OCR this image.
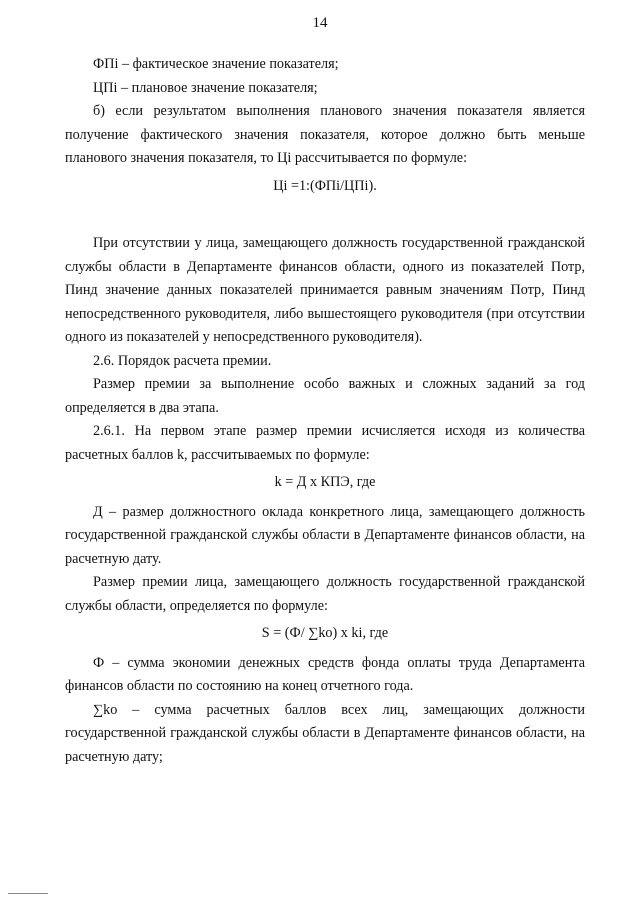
14

ФПi – фактическое значение показателя;

ЦПi – плановое значение показателя;

б) если результатом выполнения планового значения показателя является получение фактического значения показателя, которое должно быть меньше планового значения показателя, то Цi рассчитывается по формуле:

Цi =1:(ФПi/ЦПi).

При отсутствии у лица, замещающего должность государственной гражданской службы области в Департаменте финансов области, одного из показателей Потр, Пинд значение данных показателей принимается равным значениям Потр, Пинд непосредственного руководителя, либо вышестоящего руководителя (при отсутствии одного из показателей у непосредственного руководителя).

2.6. Порядок расчета премии.

Размер премии за выполнение особо важных и сложных заданий за год определяется в два этапа.

2.6.1. На первом этапе размер премии исчисляется исходя из количества расчетных баллов k, рассчитываемых по формуле:

k = Д x КПЭ, где

Д – размер должностного оклада конкретного лица, замещающего должность государственной гражданской службы области в Департаменте финансов области, на расчетную дату.

Размер премии лица, замещающего должность государственной гражданской службы области, определяется по формуле:

S = (Ф/ ∑kо) x ki, где

Ф – сумма экономии денежных средств фонда оплаты труда Департамента финансов области по состоянию на конец отчетного года.

∑kо – сумма расчетных баллов всех лиц, замещающих должности государственной гражданской службы области в Департаменте финансов области, на расчетную дату;
